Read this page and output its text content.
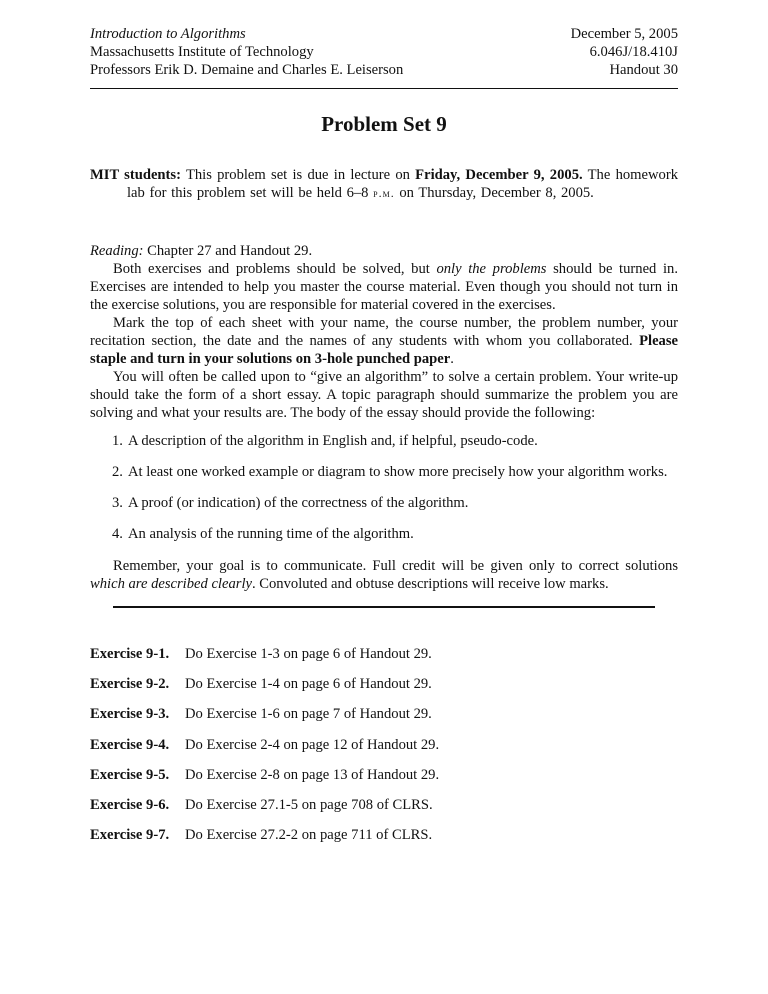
Introduction to Algorithms
Massachusetts Institute of Technology
Professors Erik D. Demaine and Charles E. Leiserson
December 5, 2005
6.046J/18.410J
Handout 30
Problem Set 9
MIT students: This problem set is due in lecture on Friday, December 9, 2005. The homework
lab for this problem set will be held 6–8 p.m. on Thursday, December 8, 2005.

Reading: Chapter 27 and Handout 29.

Both exercises and problems should be solved, but only the problems should be turned in. Exercises are intended to help you master the course material. Even though you should not turn in the exercise solutions, you are responsible for material covered in the exercises.

Mark the top of each sheet with your name, the course number, the problem number, your recitation section, the date and the names of any students with whom you collaborated. Please staple and turn in your solutions on 3-hole punched paper.

You will often be called upon to “give an algorithm” to solve a certain problem. Your write-up should take the form of a short essay. A topic paragraph should summarize the problem you are solving and what your results are. The body of the essay should provide the following:

1. A description of the algorithm in English and, if helpful, pseudo-code.
2. At least one worked example or diagram to show more precisely how your algorithm works.
3. A proof (or indication) of the correctness of the algorithm.
4. An analysis of the running time of the algorithm.

Remember, your goal is to communicate. Full credit will be given only to correct solutions which are described clearly. Convoluted and obtuse descriptions will receive low marks.

Exercise 9-1. Do Exercise 1-3 on page 6 of Handout 29.
Exercise 9-2. Do Exercise 1-4 on page 6 of Handout 29.
Exercise 9-3. Do Exercise 1-6 on page 7 of Handout 29.
Exercise 9-4. Do Exercise 2-4 on page 12 of Handout 29.
Exercise 9-5. Do Exercise 2-8 on page 13 of Handout 29.
Exercise 9-6. Do Exercise 27.1-5 on page 708 of CLRS.
Exercise 9-7. Do Exercise 27.2-2 on page 711 of CLRS.
